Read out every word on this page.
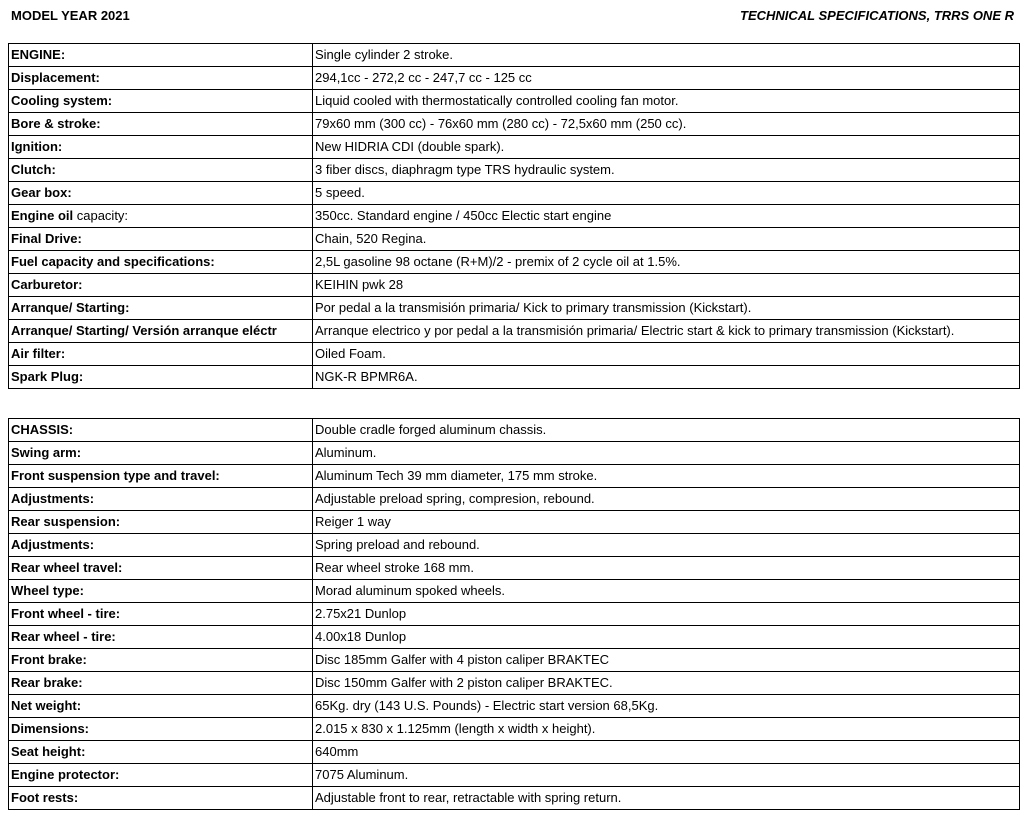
MODEL YEAR 2021	TECHNICAL SPECIFICATIONS, TRRS ONE R
ENGINE:	Single cylinder 2 stroke.
Displacement:	294,1cc - 272,2 cc - 247,7 cc - 125 cc
Cooling system:	Liquid cooled with thermostatically controlled cooling fan motor.
Bore & stroke:	79x60 mm (300 cc) - 76x60 mm (280 cc) - 72,5x60 mm (250 cc).
Ignition:	New HIDRIA CDI (double spark).
Clutch:	3 fiber discs, diaphragm type TRS hydraulic system.
Gear box:	5 speed.
Engine oil capacity:	350cc. Standard engine / 450cc Electic start engine
Final Drive:	Chain, 520 Regina.
Fuel capacity and specifications:	2,5L gasoline 98 octane (R+M)/2 - premix of 2 cycle oil at 1.5%.
Carburetor:	KEIHIN pwk 28
Arranque/ Starting:	Por pedal a la transmisión primaria/ Kick to primary transmission (Kickstart).
Arranque/ Starting/ Versión arranque eléctr	Arranque electrico y por pedal a la transmisión primaria/ Electric start & kick to primary transmission (Kickstart).
Air filter:	Oiled Foam.
Spark Plug:	NGK-R BPMR6A.
CHASSIS:	Double cradle forged aluminum chassis.
Swing arm:	Aluminum.
Front suspension type and travel:	Aluminum Tech 39 mm diameter, 175 mm stroke.
Adjustments:	Adjustable preload spring, compresion, rebound.
Rear suspension:	Reiger 1 way
Adjustments:	Spring preload and rebound.
Rear wheel travel:	Rear wheel stroke 168 mm.
Wheel type:	Morad aluminum spoked wheels.
Front wheel - tire:	2.75x21 Dunlop
Rear wheel - tire:	4.00x18 Dunlop
Front brake:	Disc 185mm Galfer with 4 piston caliper BRAKTEC
Rear brake:	Disc 150mm Galfer with 2 piston caliper BRAKTEC.
Net weight:	65Kg. dry (143 U.S. Pounds) - Electric start version 68,5Kg.
Dimensions:	2.015 x 830 x 1.125mm (length x width x height).
Seat height:	640mm
Engine protector:	7075 Aluminum.
Foot rests:	Adjustable front to rear, retractable with spring return.
